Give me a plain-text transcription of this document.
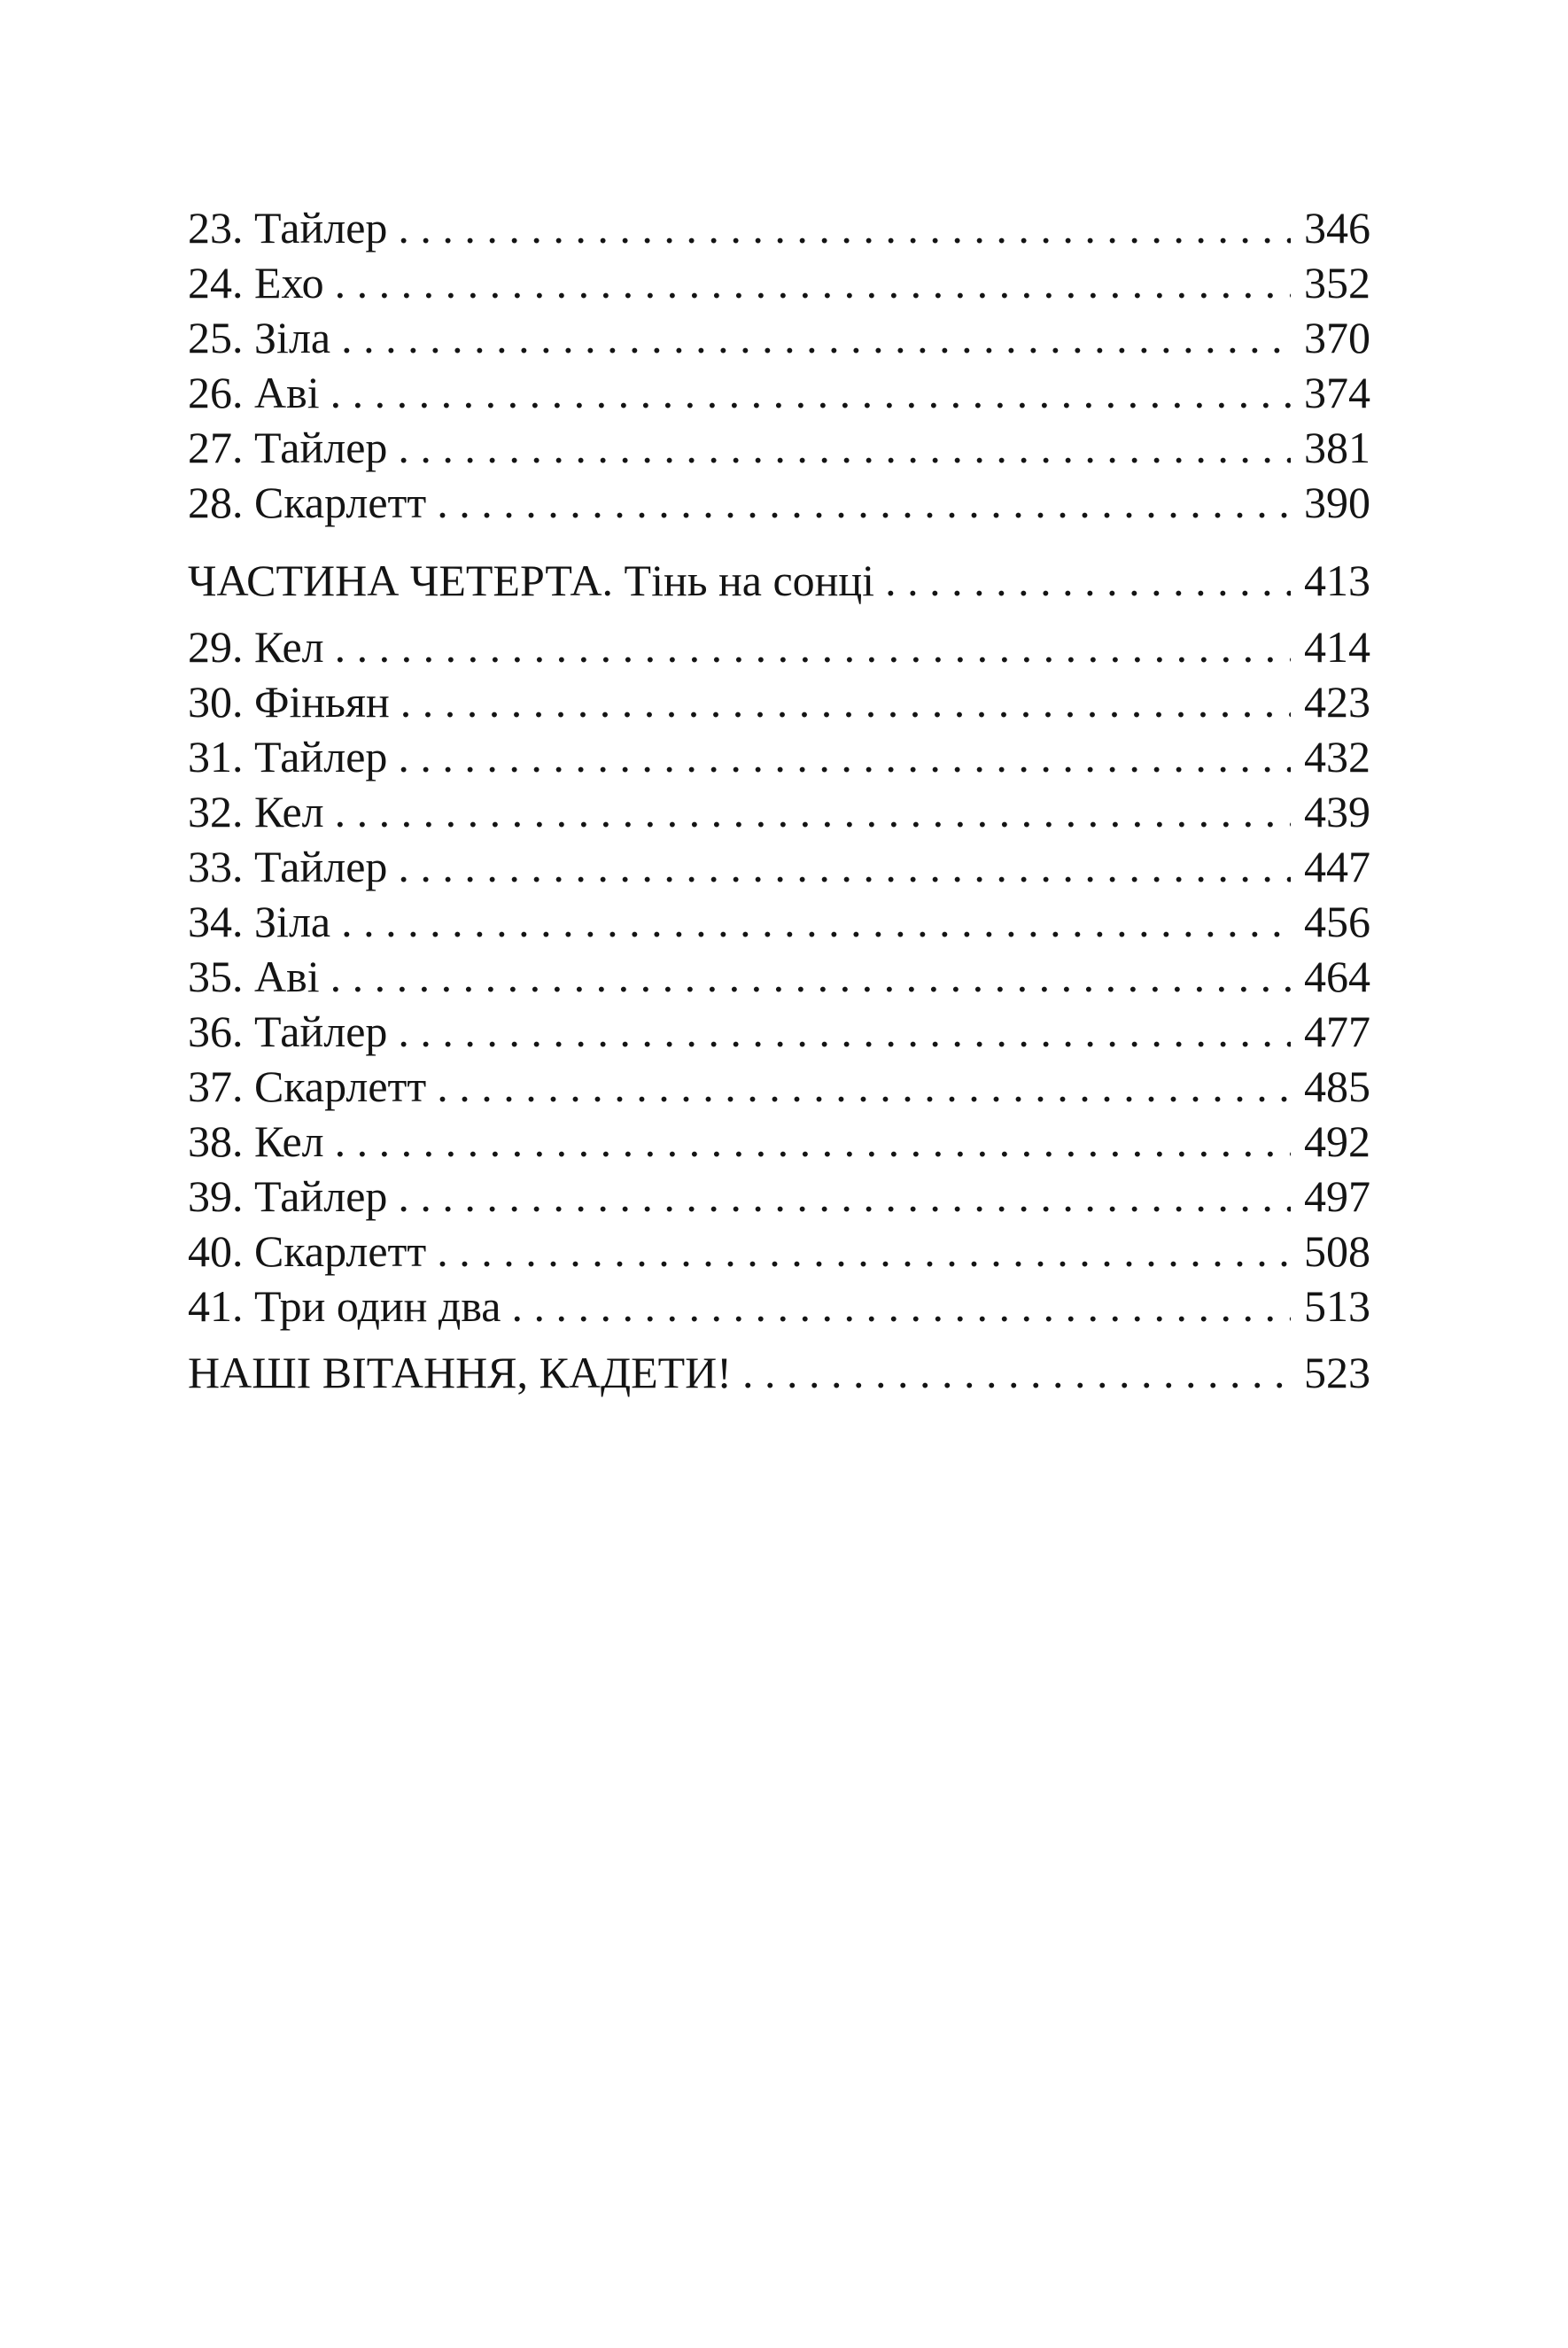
23. Тайлер . . .	346
24. Ехо . . .	352
25. Зіла . . .	370
26. Аві . . .	374
27. Тайлер . . .	381
28. Скарлетт . . .	390
ЧАСТИНА ЧЕТЕРТА. Тінь на сонці . . .	413
29. Кел . . .	414
30. Фіньян . . .	423
31. Тайлер . . .	432
32. Кел . . .	439
33. Тайлер . . .	447
34. Зіла . . .	456
35. Аві . . .	464
36. Тайлер . . .	477
37. Скарлетт . . .	485
38. Кел . . .	492
39. Тайлер . . .	497
40. Скарлетт . . .	508
41. Три один два . . .	513
НАШІ ВІТАННЯ, КАДЕТИ! . . .	523
